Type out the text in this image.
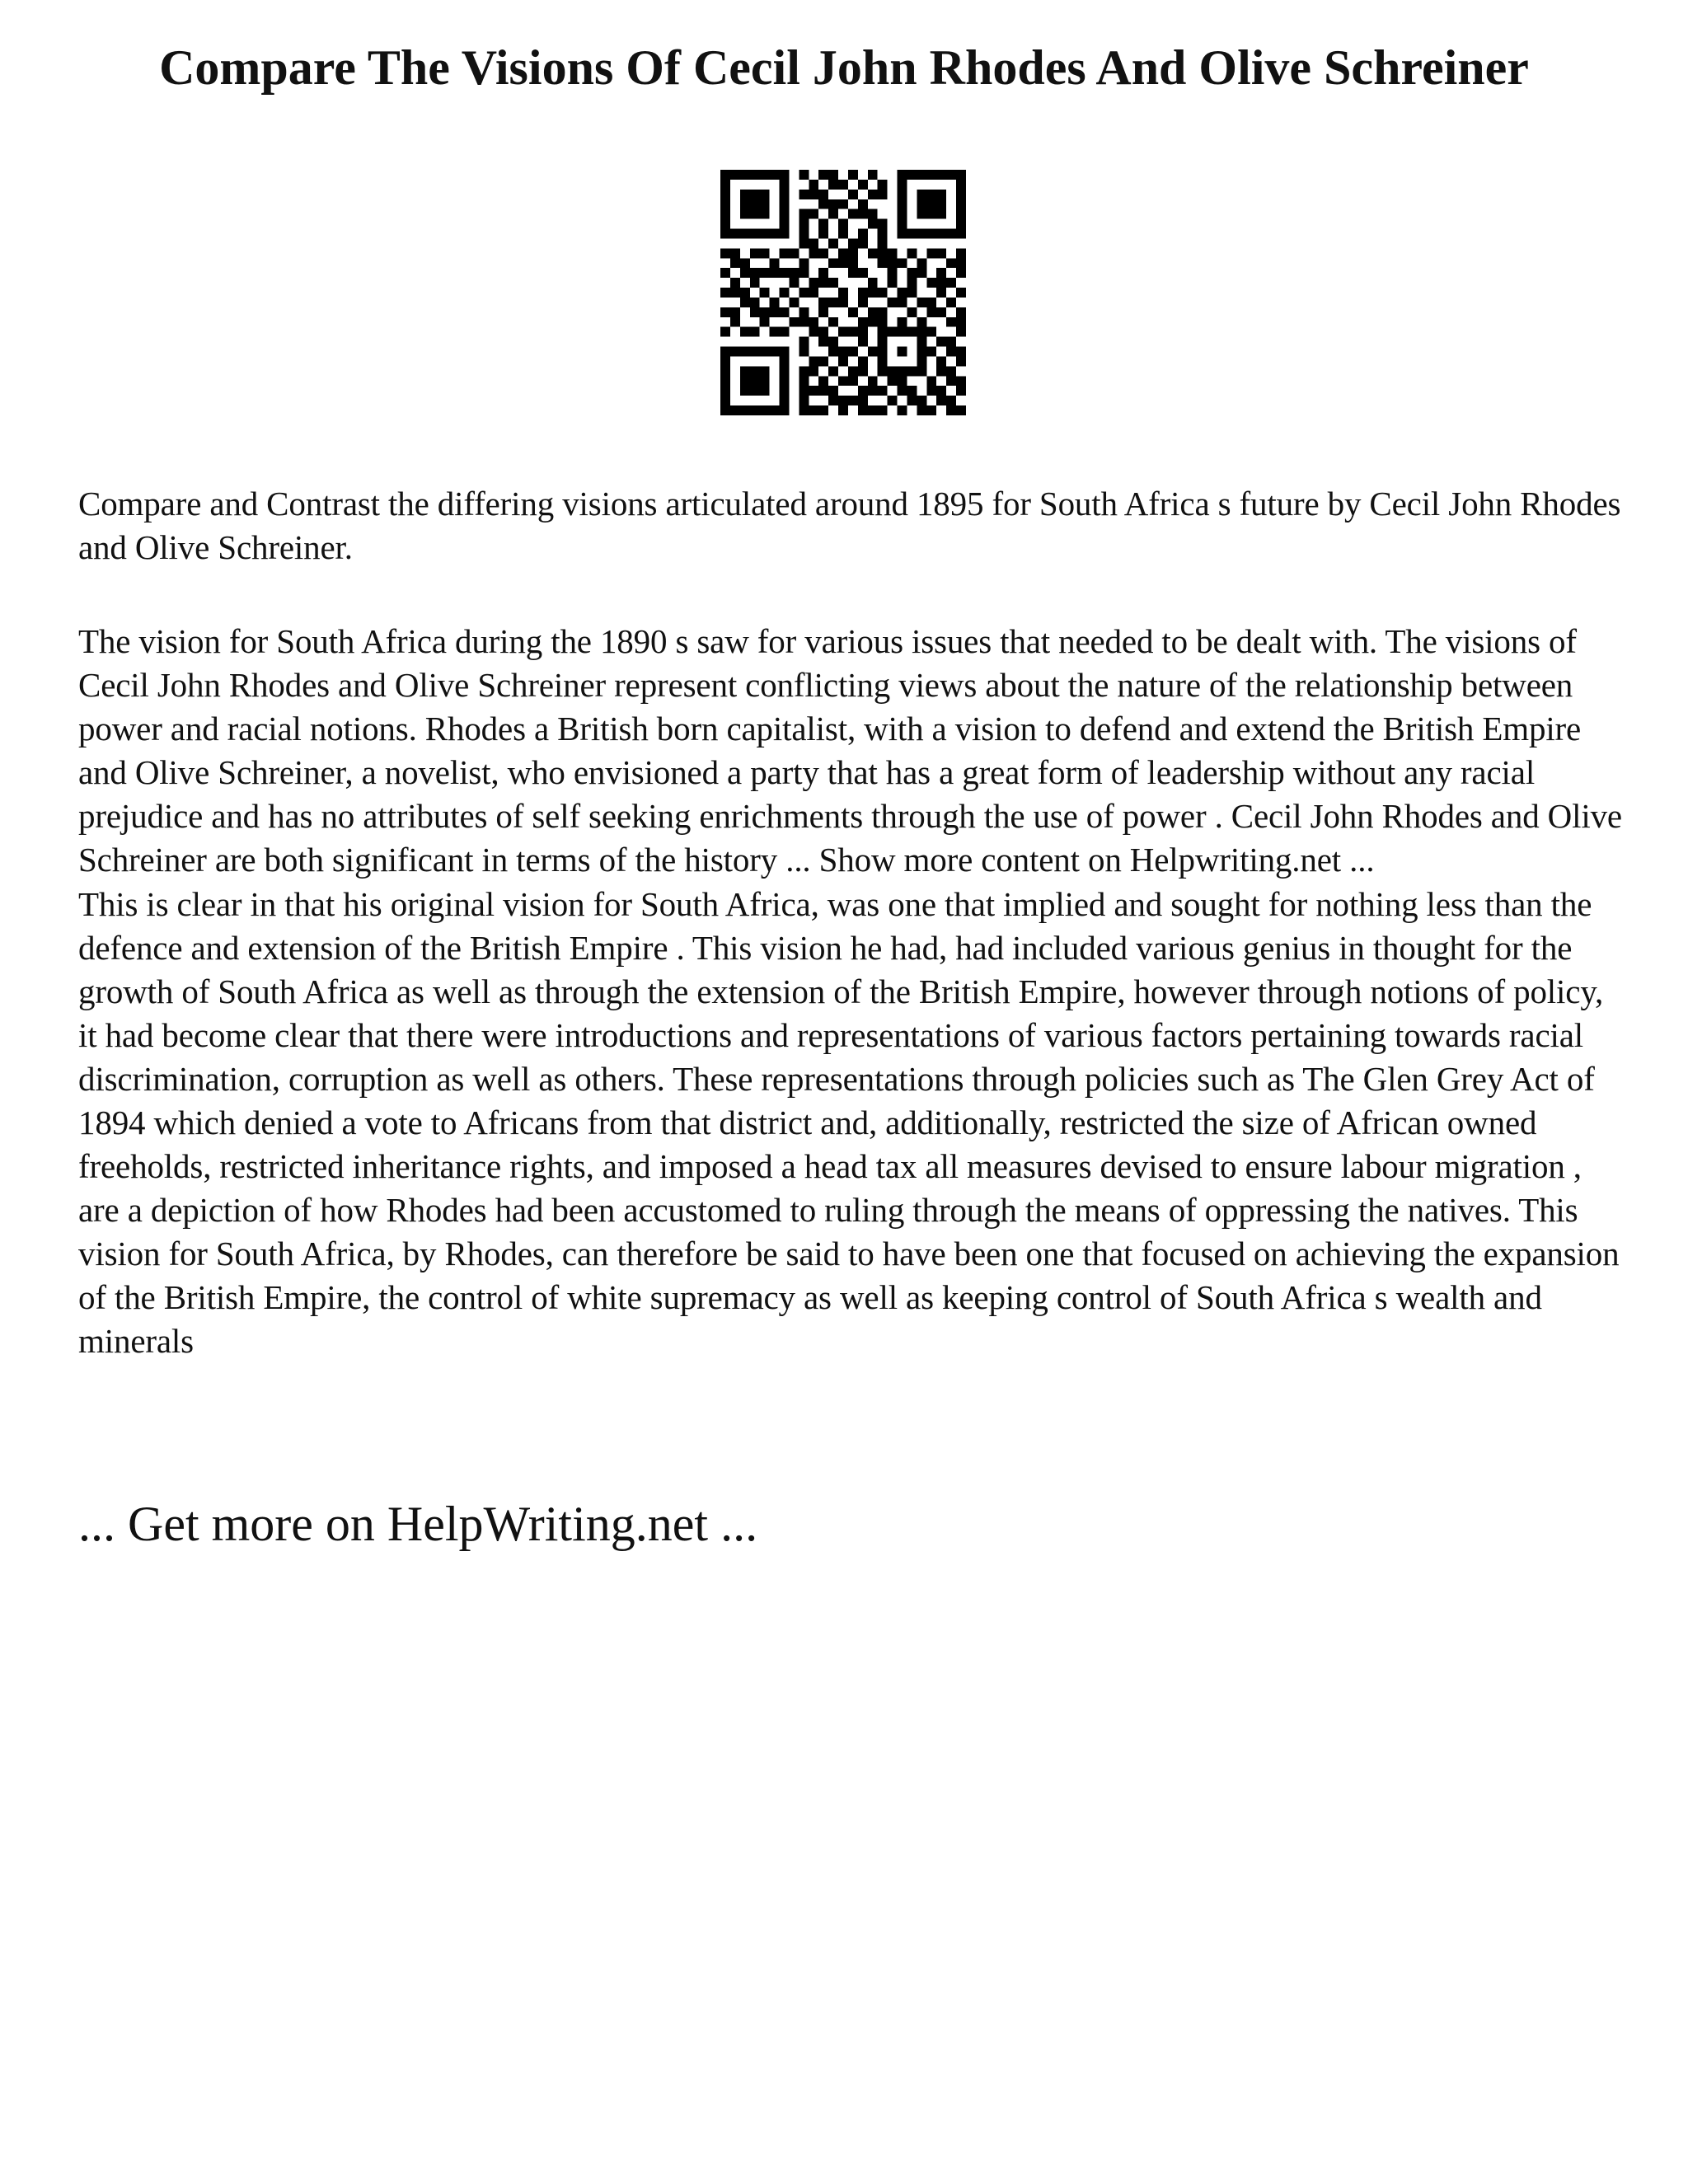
Compare The Visions Of Cecil John Rhodes And Olive Schreiner

Compare and Contrast the differing visions articulated around 1895 for South Africa s future by Cecil John Rhodes and Olive Schreiner.

The vision for South Africa during the 1890 s saw for various issues that needed to be dealt with. The visions of Cecil John Rhodes and Olive Schreiner represent conflicting views about the nature of the relationship between power and racial notions. Rhodes a British born capitalist, with a vision to defend and extend the British Empire and Olive Schreiner, a novelist, who envisioned a party that has a great form of leadership without any racial prejudice and has no attributes of self seeking enrichments through the use of power . Cecil John Rhodes and Olive Schreiner are both significant in terms of the history ... Show more content on Helpwriting.net ...

This is clear in that his original vision for South Africa, was one that implied and sought for nothing less than the defence and extension of the British Empire . This vision he had, had included various genius in thought for the growth of South Africa as well as through the extension of the British Empire, however through notions of policy, it had become clear that there were introductions and representations of various factors pertaining towards racial discrimination, corruption as well as others. These representations through policies such as The Glen Grey Act of 1894 which denied a vote to Africans from that district and, additionally, restricted the size of African owned freeholds, restricted inheritance rights, and imposed a head tax all measures devised to ensure labour migration , are a depiction of how Rhodes had been accustomed to ruling through the means of oppressing the natives. This vision for South Africa, by Rhodes, can therefore be said to have been one that focused on achieving the expansion of the British Empire, the control of white supremacy as well as keeping control of South Africa s wealth and minerals

... Get more on HelpWriting.net ...
